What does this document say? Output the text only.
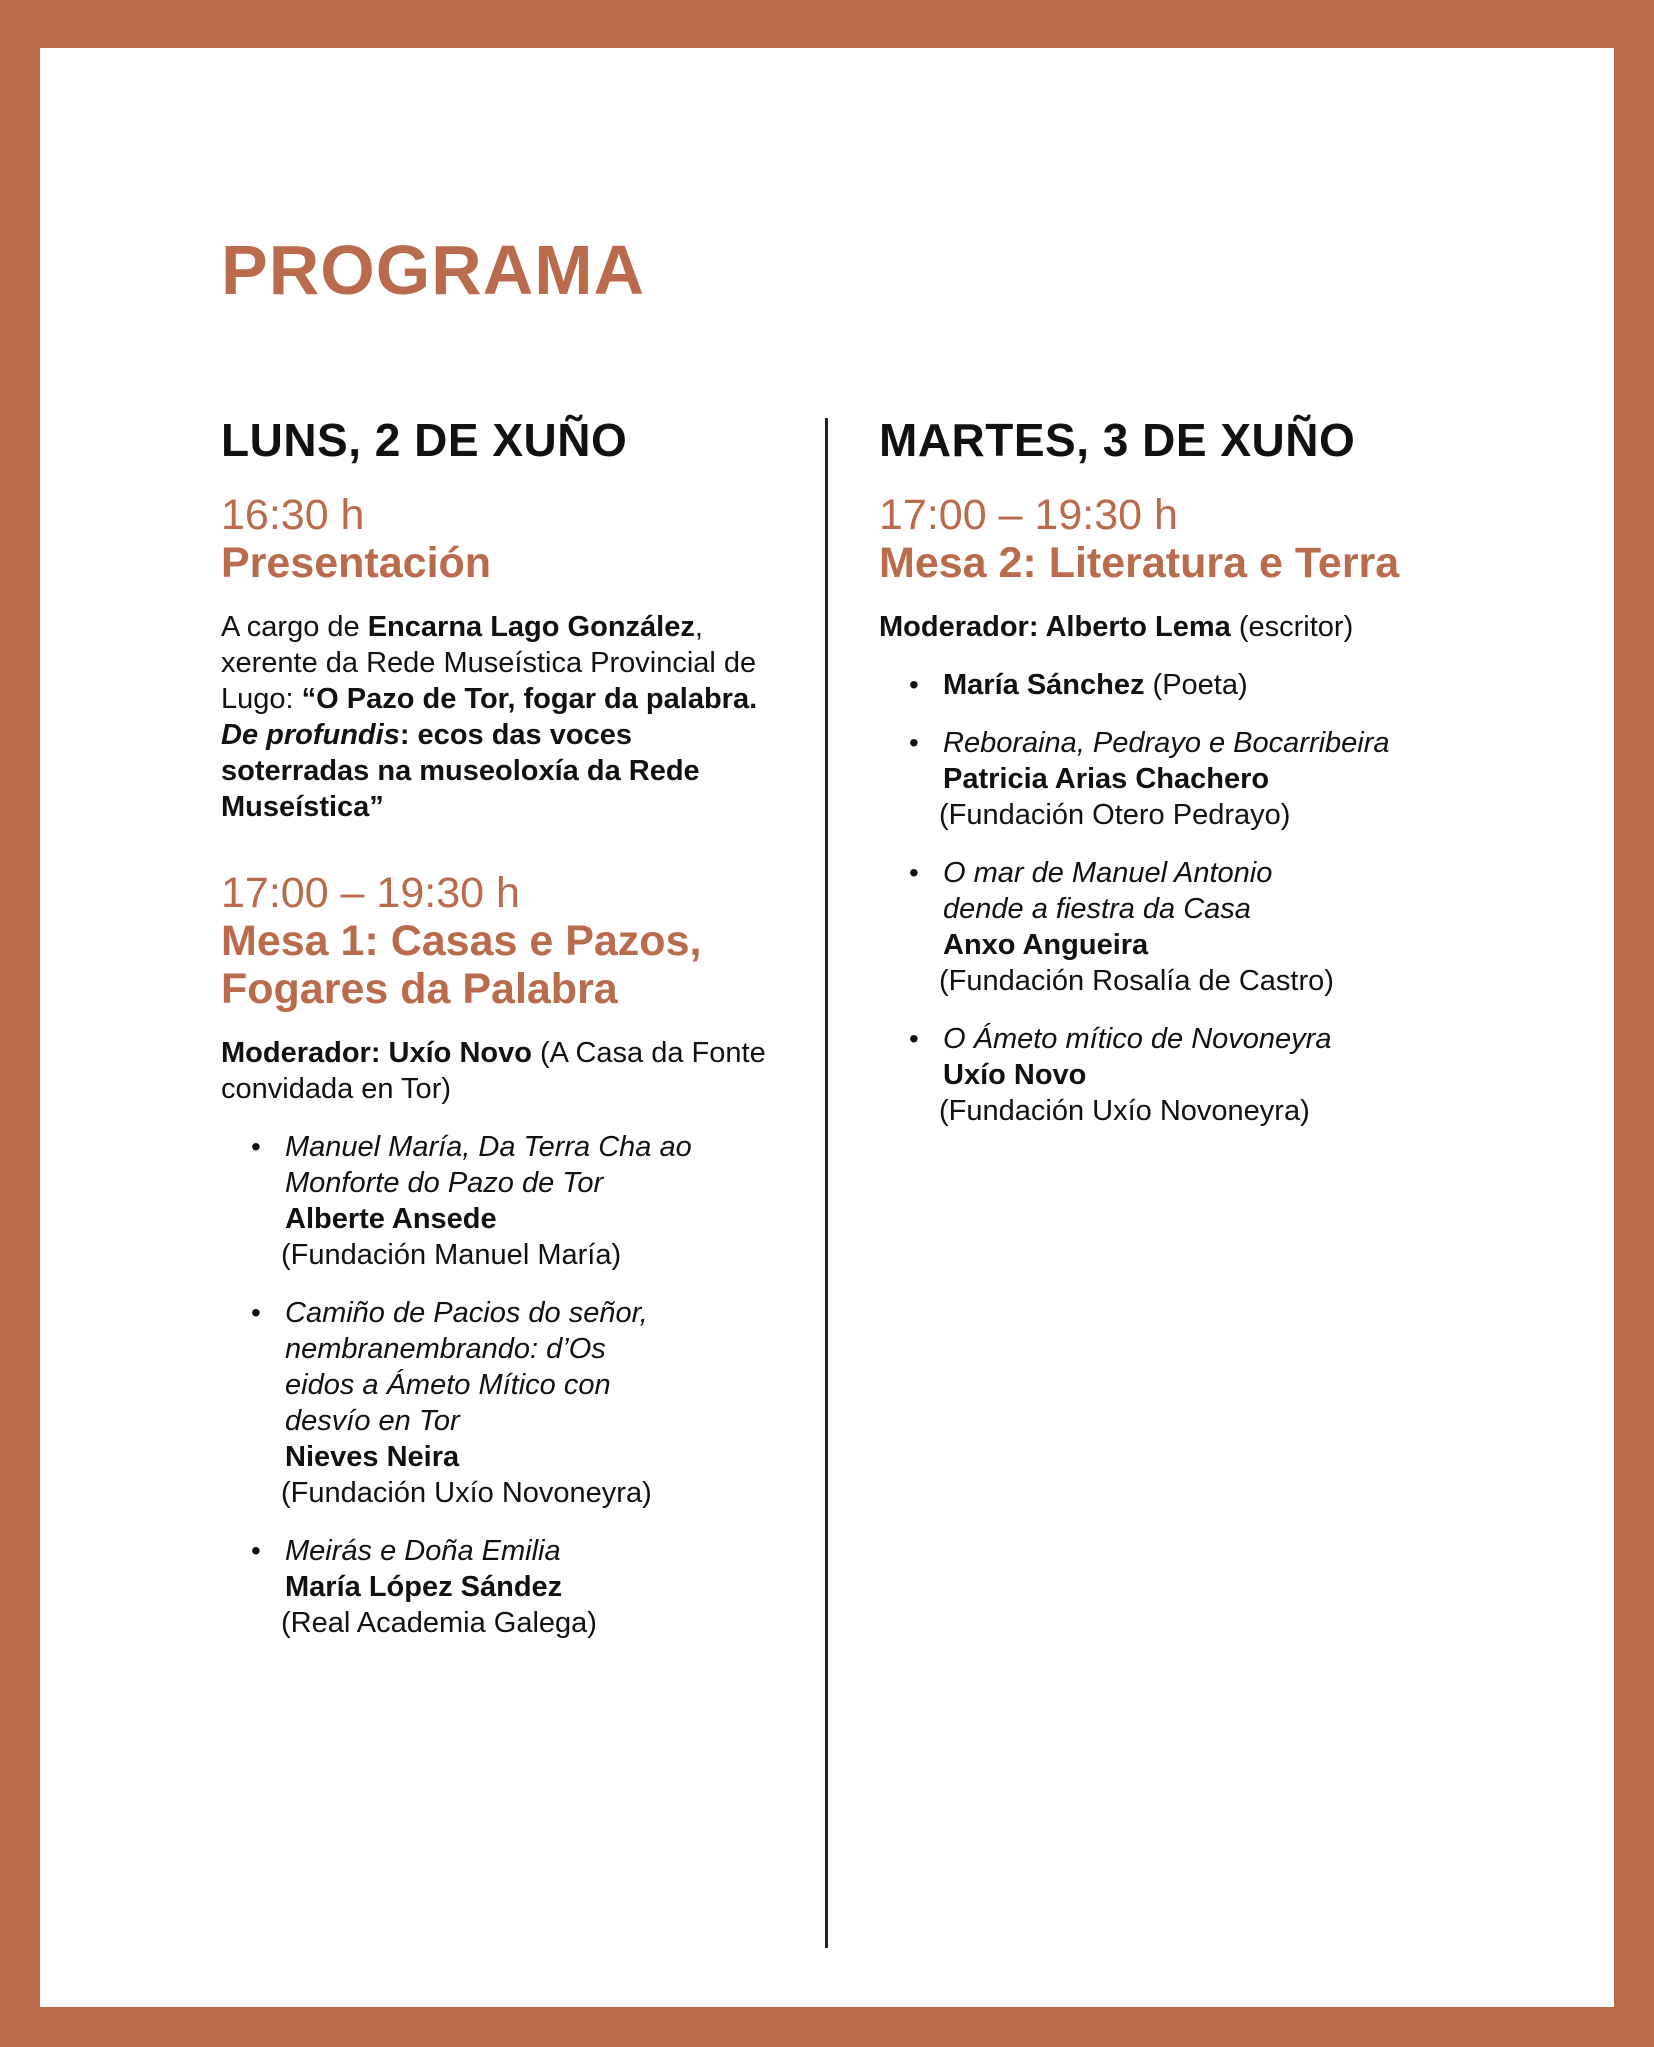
PROGRAMA
LUNS, 2 DE XUÑO
16:30 h
Presentación

A cargo de Encarna Lago González, xerente da Rede Museística Provincial de Lugo: “O Pazo de Tor, fogar da palabra. De profundis: ecos das voces soterradas na museoloxía da Rede Museística”

17:00 – 19:30 h
Mesa 1: Casas e Pazos,
Fogares da Palabra

Moderador: Uxío Novo (A Casa da Fonte convidada en Tor)

• Manuel María, Da Terra Cha ao
Monforte do Pazo de Tor
Alberte Ansede
(Fundación Manuel María)
• Camiño de Pacios do señor,
nembranembrando: d’Os
eidos a Ámeto Mítico con
desvío en Tor
Nieves Neira
(Fundación Uxío Novoneyra)
• Meirás e Doña Emilia
María López Sández
(Real Academia Galega)
MARTES, 3 DE XUÑO
17:00 – 19:30 h
Mesa 2: Literatura e Terra

Moderador: Alberto Lema (escritor)

• María Sánchez (Poeta)
• Reboraina, Pedrayo e Bocarribeira
Patricia Arias Chachero
(Fundación Otero Pedrayo)
• O mar de Manuel Antonio
dende a fiestra da Casa
Anxo Angueira
(Fundación Rosalía de Castro)
• O Ámeto mítico de Novoneyra
Uxío Novo
(Fundación Uxío Novoneyra)
